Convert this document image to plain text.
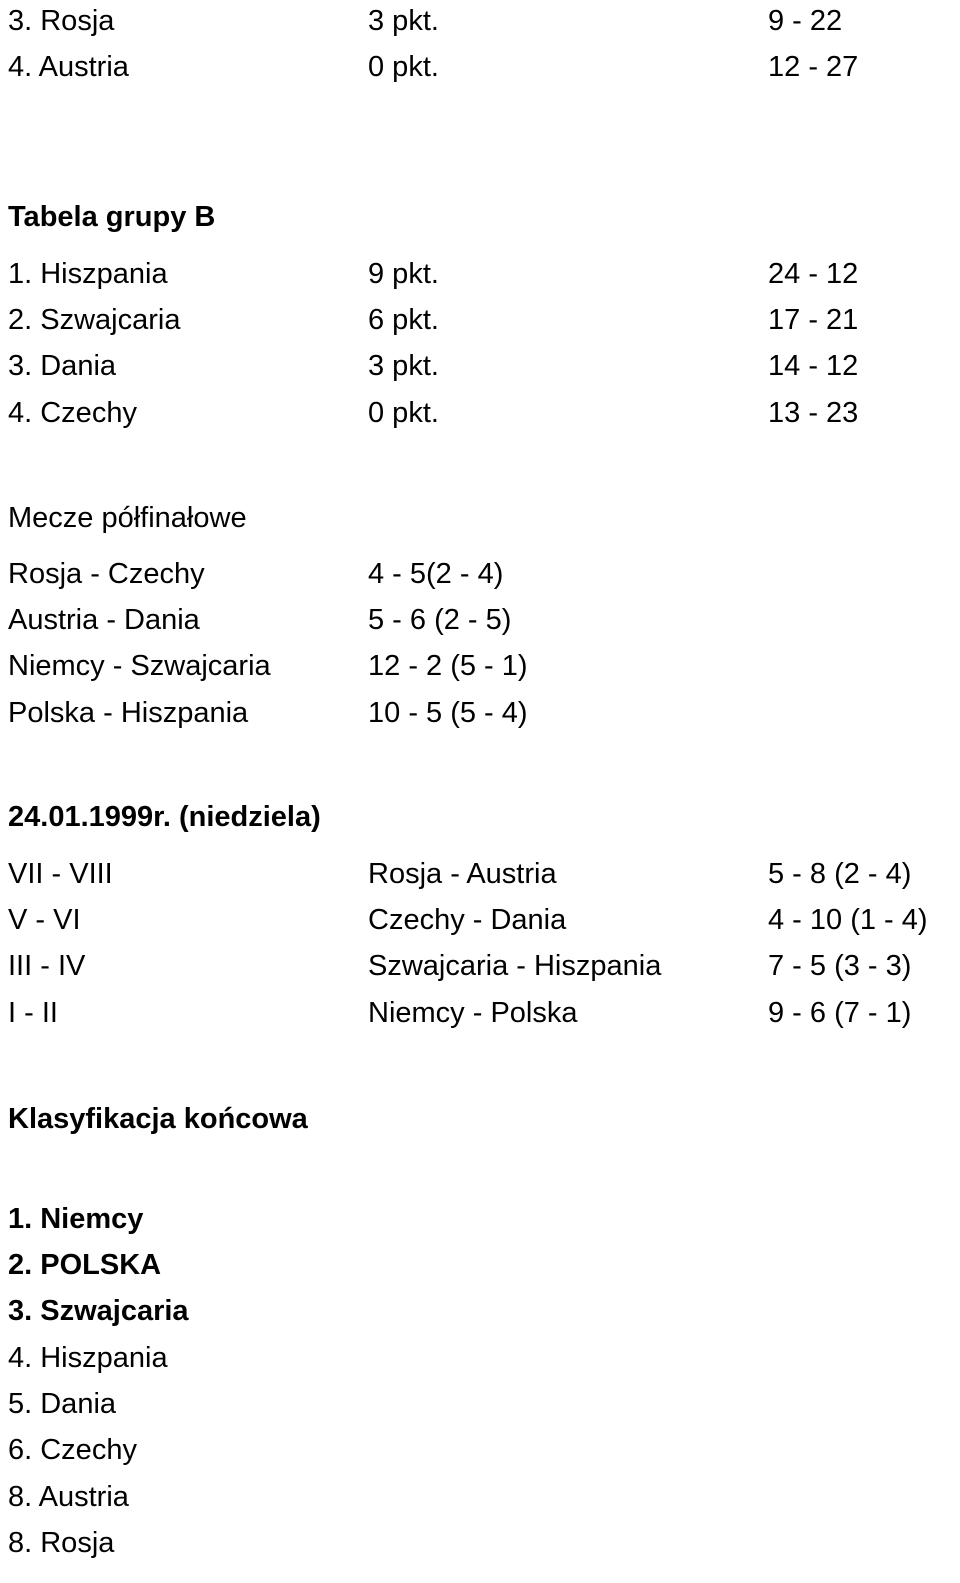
3. Rosja	3 pkt.	9 - 22
4. Austria	0 pkt.	12 - 27
Tabela grupy B
1. Hiszpania	9 pkt.	24 - 12
2. Szwajcaria	6 pkt.	17 - 21
3. Dania	3 pkt.	14 - 12
4. Czechy	0 pkt.	13 - 23
Mecze półfinałowe
Rosja - Czechy	4 - 5(2 - 4)
Austria - Dania	5 - 6 (2 - 5)
Niemcy - Szwajcaria	12 - 2 (5 - 1)
Polska - Hiszpania	10 - 5 (5 - 4)
24.01.1999r. (niedziela)
VII - VIII	Rosja - Austria	5 - 8 (2 - 4)
V - VI	Czechy - Dania	4 - 10 (1 - 4)
III - IV	Szwajcaria - Hiszpania	7 - 5 (3 - 3)
I - II	Niemcy - Polska	9 - 6 (7 - 1)
Klasyfikacja końcowa
1. Niemcy
2. POLSKA
3. Szwajcaria
4. Hiszpania
5. Dania
6. Czechy
8. Austria
8. Rosja
